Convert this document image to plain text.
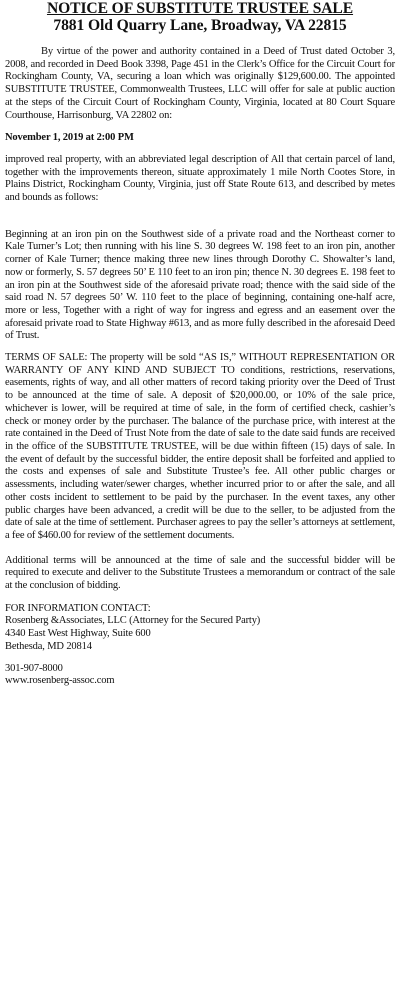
NOTICE OF SUBSTITUTE TRUSTEE SALE
7881 Old Quarry Lane, Broadway, VA 22815

By virtue of the power and authority contained in a Deed of Trust dated October 3, 2008, and recorded in Deed Book 3398, Page 451 in the Clerk’s Office for the Circuit Court for Rockingham County, VA, securing a loan which was originally $129,600.00. The appointed SUBSTITUTE TRUSTEE, Commonwealth Trustees, LLC will offer for sale at public auction at the steps of the Circuit Court of Rockingham County, Virginia, located at 80 Court Square Courthouse, Harrisonburg, VA 22802 on:

November 1, 2019 at 2:00 PM

improved real property, with an abbreviated legal description of All that certain parcel of land, together with the improvements thereon, situate approximately 1 mile North Cootes Store, in Plains District, Rockingham County, Virginia, just off State Route 613, and described by metes and bounds as follows:

Beginning at an iron pin on the Southwest side of a private road and the Northeast corner to Kale Turner’s Lot; then running with his line S. 30 degrees W. 198 feet to an iron pin, another corner of Kale Turner; thence making three new lines through Dorothy C. Showalter’s land, now or formerly, S. 57 degrees 50’ E 110 feet to an iron pin; thence N. 30 degrees E. 198 feet to an iron pin at the Southwest side of the aforesaid private road; thence with the said side of the said road N. 57 degrees 50’ W. 110 feet to the place of beginning, containing one-half acre, more or less, Together with a right of way for ingress and egress and an easement over the aforesaid private road to State Highway #613, and as more fully described in the aforesaid Deed of Trust.

TERMS OF SALE: The property will be sold “AS IS,” WITHOUT REPRESENTATION OR WARRANTY OF ANY KIND AND SUBJECT TO conditions, restrictions, reservations, easements, rights of way, and all other matters of record taking priority over the Deed of Trust to be announced at the time of sale. A deposit of $20,000.00, or 10% of the sale price, whichever is lower, will be required at time of sale, in the form of certified check, cashier’s check or money order by the purchaser. The balance of the purchase price, with interest at the rate contained in the Deed of Trust Note from the date of sale to the date said funds are received in the office of the SUBSTITUTE TRUSTEE, will be due within fifteen (15) days of sale. In the event of default by the successful bidder, the entire deposit shall be forfeited and applied to the costs and expenses of sale and Substitute Trustee’s fee. All other public charges or assessments, including water/sewer charges, whether incurred prior to or after the sale, and all other costs incident to settlement to be paid by the purchaser. In the event taxes, any other public charges have been advanced, a credit will be due to the seller, to be adjusted from the date of sale at the time of settlement. Purchaser agrees to pay the seller’s attorneys at settlement, a fee of $460.00 for review of the settlement documents.

Additional terms will be announced at the time of sale and the successful bidder will be required to execute and deliver to the Substitute Trustees a memorandum or contract of the sale at the conclusion of bidding.

FOR INFORMATION CONTACT:

Rosenberg &Associates, LLC (Attorney for the Secured Party)

4340 East West Highway, Suite 600

Bethesda, MD 20814

301-907-8000

www.rosenberg-assoc.com
